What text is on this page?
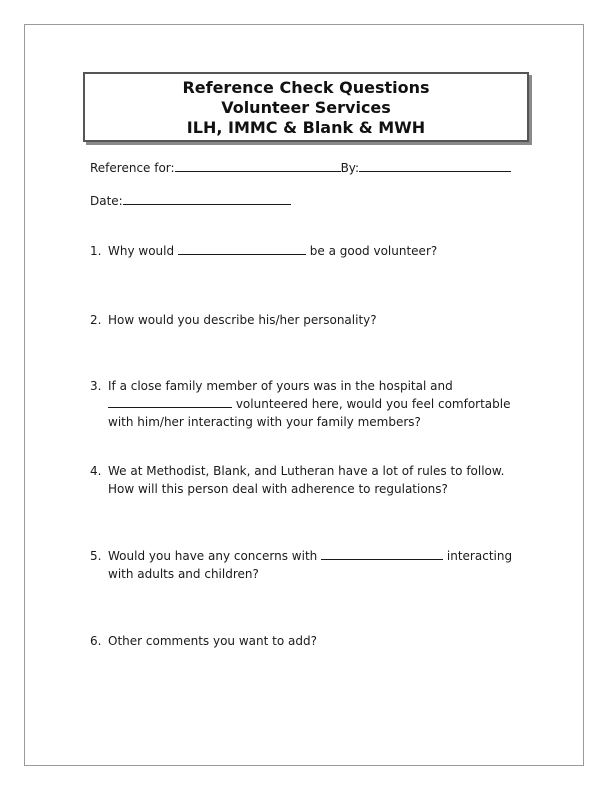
Reference Check Questions
Volunteer Services
ILH, IMMC & Blank & MWH
Reference for:	By:
Date:
1. Why would	be a good volunteer?
2. How would you describe his/her personality?
3. If a close family member of yours was in the hospital and
volunteered here, would you feel comfortable
with him/her interacting with your family members?
4. We at Methodist, Blank, and Lutheran have a lot of rules to follow.
How will this person deal with adherence to regulations?
5. Would you have any concerns with	interacting
with adults and children?
6. Other comments you want to add?
